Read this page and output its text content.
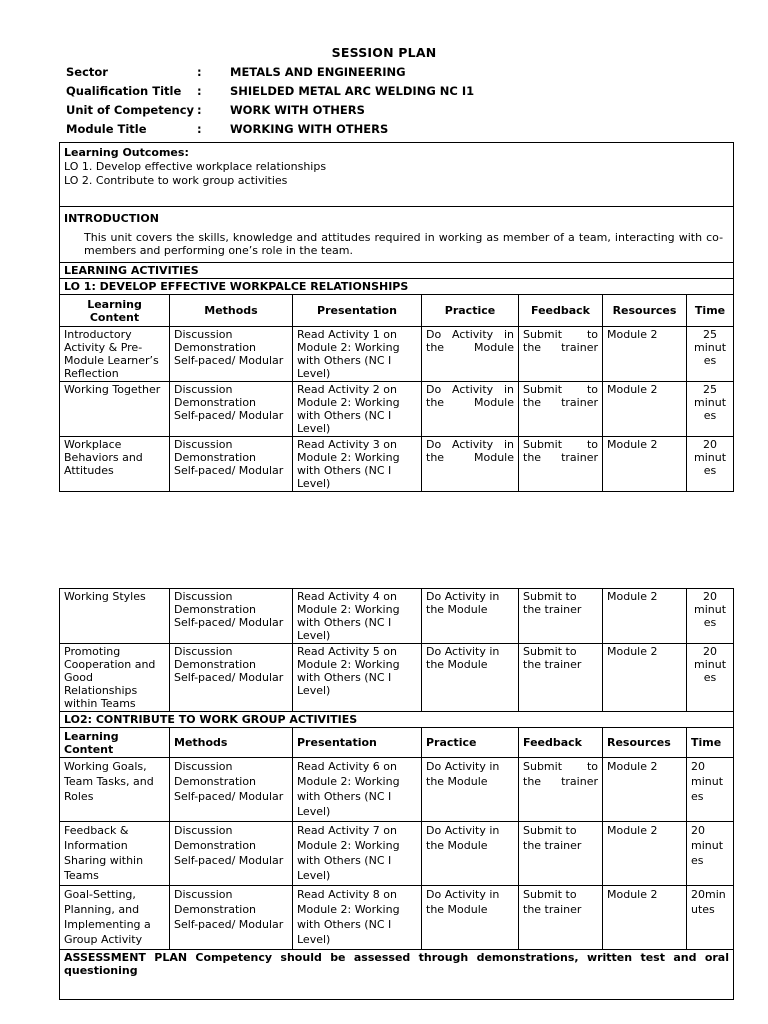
SESSION PLAN
Sector	: METALS AND ENGINEERING
Qualification Title : SHIELDED METAL ARC WELDING NC I1
Unit of Competency : WORK WITH OTHERS
Module Title	: WORKING WITH OTHERS
Learning Outcomes:
LO 1. Develop effective workplace relationships
LO 2. Contribute to work group activities						

INTRODUCTION
This unit covers the skills, knowledge and attitudes required in working as member of a team, interacting with co-members and performing one’s role in the team.						

LEARNING ACTIVITIES						
LO 1: DEVELOP EFFECTIVE WORKPALCE RELATIONSHIPS						
Learning Content	Methods	Presentation	Practice	Feedback	Resources	Time
Introductory Activity & Pre-Module Learner’s Reflection	Discussion
Demonstration
Self-paced/ Modular	Read Activity 1 on Module 2: Working with Others (NC I Level)	Do Activity in the Module	Submit to the trainer	Module 2	25 minut es
Working Together	Discussion
Demonstration
Self-paced/ Modular	Read Activity 2 on Module 2: Working with Others (NC I Level)	Do Activity in the Module	Submit to the trainer	Module 2	25 minut es
Workplace Behaviors and Attitudes	Discussion
Demonstration
Self-paced/ Modular	Read Activity 3 on Module 2: Working with Others (NC I Level)	Do Activity in the Module	Submit to the trainer	Module 2	20 minut es
Working Styles	Discussion
Demonstration
Self-paced/ Modular	Read Activity 4 on Module 2: Working with Others (NC I Level)	Do Activity in the Module	Submit to the trainer	Module 2	20 minut es
Promoting Cooperation and Good Relationships within Teams	Discussion
Demonstration
Self-paced/ Modular	Read Activity 5 on Module 2: Working with Others (NC I Level)	Do Activity in the Module	Submit to the trainer	Module 2	20 minut es
LO2: CONTRIBUTE TO WORK GROUP ACTIVITIES						
Learning Content	Methods	Presentation	Practice	Feedback	Resources	Time
Working Goals, Team Tasks, and Roles	Discussion
Demonstration
Self-paced/ Modular	Read Activity 6 on Module 2: Working with Others (NC I Level)	Do Activity in the Module	Submit to the trainer	Module 2	20 minut es
Feedback & Information Sharing within Teams	Discussion
Demonstration
Self-paced/ Modular	Read Activity 7 on Module 2: Working with Others (NC I Level)	Do Activity in the Module	Submit to the trainer	Module 2	20 minut es
Goal-Setting, Planning, and Implementing a Group Activity	Discussion
Demonstration
Self-paced/ Modular	Read Activity 8 on Module 2: Working with Others (NC I Level)	Do Activity in the Module	Submit to the trainer	Module 2	20min utes
ASSESSMENT PLAN Competency should be assessed through demonstrations, written test and oral questioning						
